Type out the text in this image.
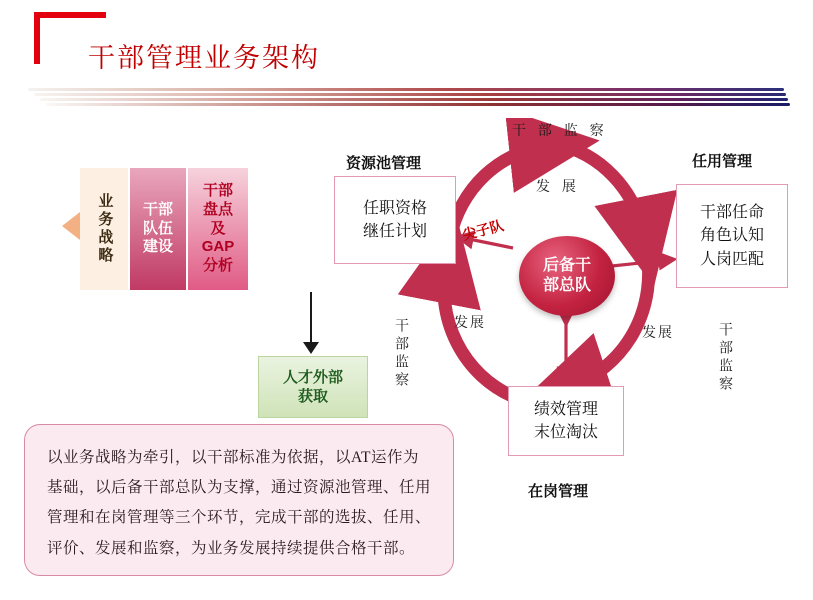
干部管理业务架构
业务战略	干部
队伍
建设
干部
盘点
及
GAP
分析
人才外部
获取
后备干
部总队
资源池管理
任职资格
继任计划
任用管理
干部任命
角色认知
人岗匹配
绩效管理
末位淘汰
在岗管理
干 部 监 察
发 展
尖子队
发展
发展
干部监察	干部监察
以业务战略为牵引，以干部标准为依据，以AT运作为基础，以后备干部总队为支撑，通过资源池管理、任用管理和在岗管理等三个环节，完成干部的选拔、任用、评价、发展和监察，为业务发展持续提供合格干部。
